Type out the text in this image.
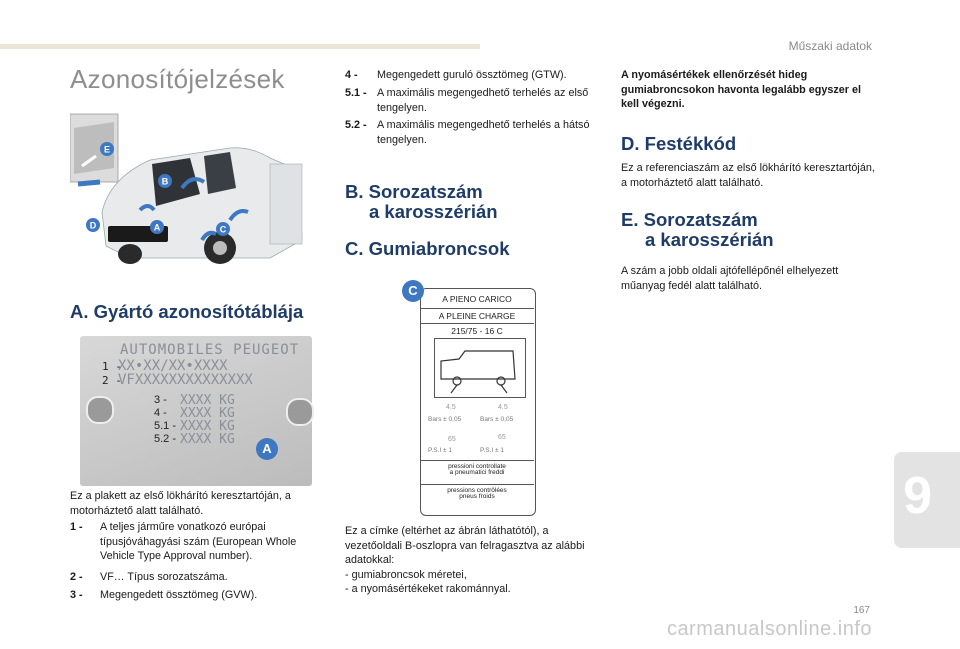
Műszaki adatok
Azonosítójelzések
E
B
D	A	C
A. Gyártó azonosítótáblája
AUTOMOBILES PEUGEOT
1 -
XX•XX/XX•XXXX
2 -
VFXXXXXXXXXXXXXX
3 - XXXX KG
4 - XXXX KG
5.1 - XXXX KG
5.2 - XXXX KG
A
Ez a plakett az első lökhárító keresztartóján, a motorháztető alatt található.
1 - A teljes járműre vonatkozó európai típusjóváhagyási szám (European Whole Vehicle Type Approval number).
2 - VF… Típus sorozatszáma.
3 - Megengedett össztömeg (GVW).
4 - Megengedett guruló össztömeg (GTW).
5.1 - A maximális megengedhető terhelés az első tengelyen.
5.2 - A maximális megengedhető terhelés a hátsó tengelyen.
B. Sorozatszám
a karosszérián
C. Gumiabroncsok
C
A PIENO CARICO
A PLEINE CHARGE
215/75 - 16 C
4.5	4.5
Bars ± 0,05	Bars ± 0,05
65	65
P.S.I ± 1	P.S.I ± 1
pressioni controllate
a pneumatici freddi
pressions contrôlées
pneus froids
Ez a címke (eltérhet az ábrán láthatótól), a vezetőoldali B-oszlopra van felragasztva az alábbi adatokkal:
- gumiabroncsok méretei,
- a nyomásértékeket rakománnyal.
A nyomásértékek ellenőrzését hideg gumiabroncsokon havonta legalább egyszer el kell végezni.
D. Festékkód
Ez a referenciaszám az első lökhárító keresztartóján, a motorháztető alatt található.
E. Sorozatszám
a karosszérián
A szám a jobb oldali ajtófellépőnél elhelyezett műanyag fedél alatt található.
9
167
carmanualsonline.info
